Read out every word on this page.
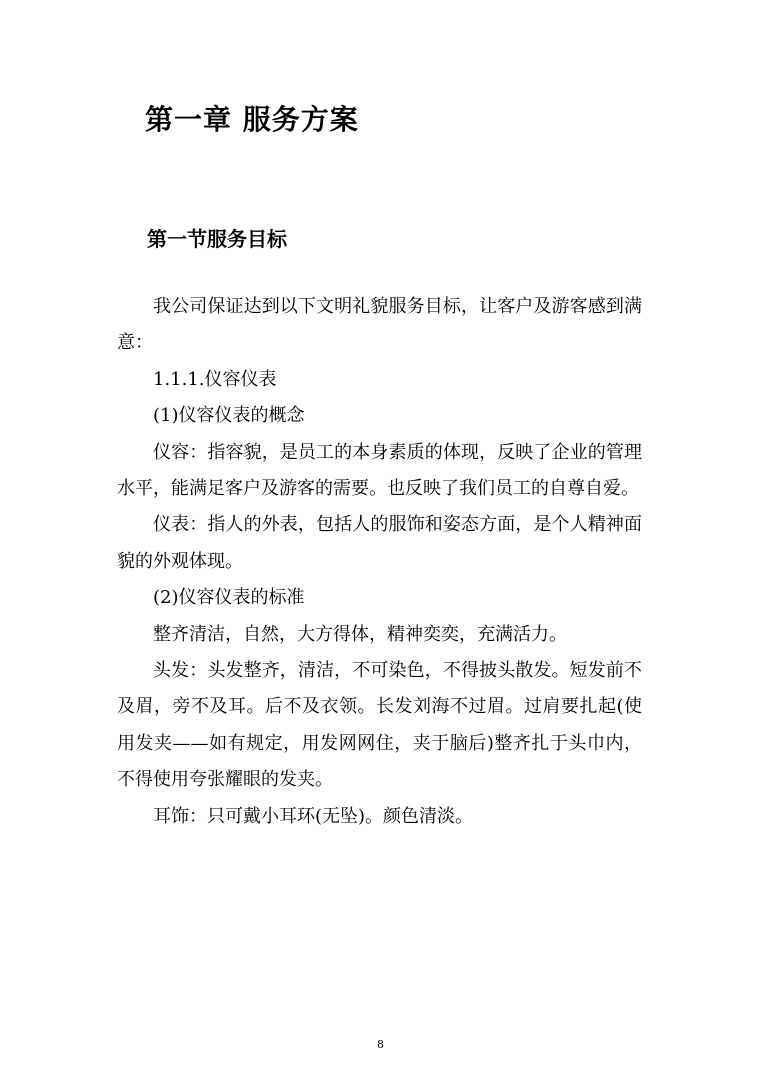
第一章 服务方案
第一节服务目标

我公司保证达到以下文明礼貌服务目标，让客户及游客感到满意：

1.1.1.仪容仪表

(1)仪容仪表的概念

仪容：指容貌，是员工的本身素质的体现，反映了企业的管理水平，能满足客户及游客的需要。也反映了我们员工的自尊自爱。

仪表：指人的外表，包括人的服饰和姿态方面，是个人精神面貌的外观体现。

(2)仪容仪表的标准

整齐清洁，自然，大方得体，精神奕奕，充满活力。

头发：头发整齐，清洁，不可染色，不得披头散发。短发前不及眉，旁不及耳。后不及衣领。长发刘海不过眉。过肩要扎起(使用发夹——如有规定，用发网网住，夹于脑后)整齐扎于头巾内，不得使用夸张耀眼的发夹。

耳饰：只可戴小耳环(无坠)。颜色清淡。

8
